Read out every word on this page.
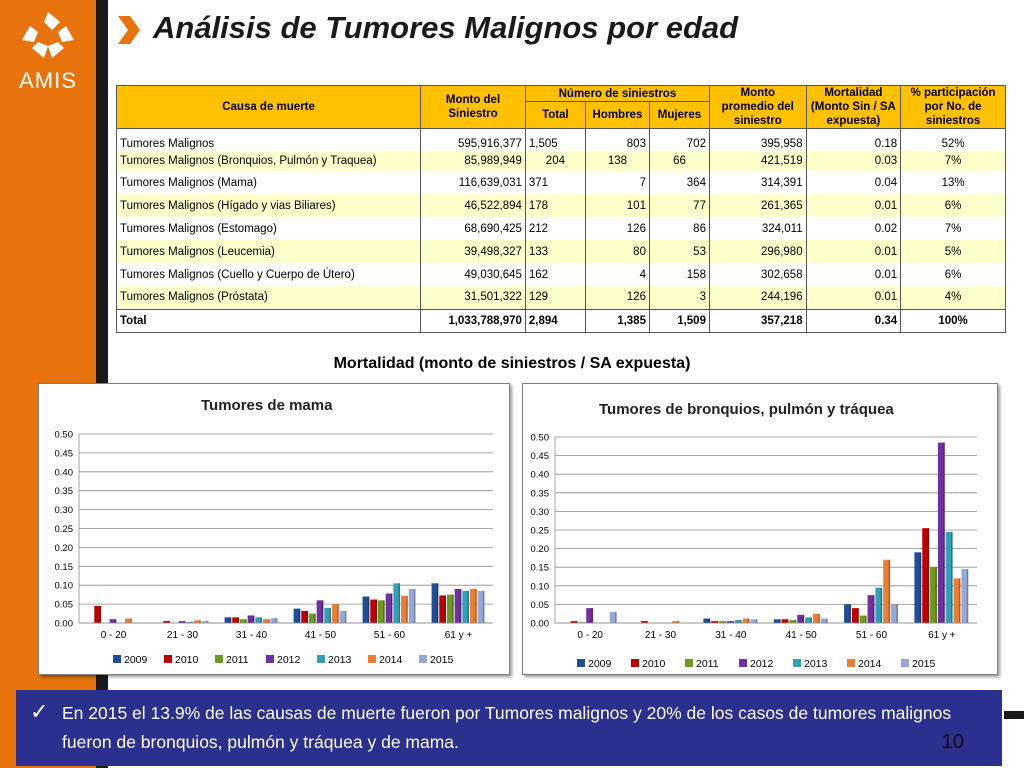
AMIS
Análisis de Tumores Malignos por edad
Causa de muerte	Monto del Siniestro	Número de siniestros			Monto promedio del siniestro	Mortalidad (Monto Sin / SA expuesta)	% participación por No. de siniestros
		Total	Hombres	Mujeres			
Tumores Malignos	595,916,377	1,505	803	702	395,958	0.18	52%
Tumores Malignos (Bronquios, Pulmón y Traquea)	85,989,949	204	138	66	421,519	0.03	7%
Tumores Malignos (Mama)	116,639,031	371	7	364	314,391	0.04	13%
Tumores Malignos (Hígado y vias Biliares)	46,522,894	178	101	77	261,365	0.01	6%
Tumores Malignos (Estomago)	68,690,425	212	126	86	324,011	0.02	7%
Tumores Malignos (Leucemia)	39,498,327	133	80	53	296,980	0.01	5%
Tumores Malignos (Cuello y Cuerpo de Útero)	49,030,645	162	4	158	302,658	0.01	6%
Tumores Malignos (Próstata)	31,501,322	129	126	3	244,196	0.01	4%
Total	1,033,788,970	2,894	1,385	1,509	357,218	0.34	100%
Mortalidad (monto de siniestros / SA expuesta)
Tumores de mama
0.00
0.05
0.10
0.15
0.20
0.25
0.30
0.35
0.40
0.45
0.50
0 - 20	21 - 30	31 - 40	41 - 50	51 - 60	61 y +
2009	2010	2011	2012	2013	2014	2015
Tumores de bronquios, pulmón y tráquea
0.00
0.05
0.10
0.15
0.20
0.25
0.30
0.35
0.40
0.45
0.50
0 - 20	21 - 30	31 - 40	41 - 50	51 - 60	61 y +
2009	2010	2011	2012	2013	2014	2015
✓ En 2015 el 13.9% de las causas de muerte fueron por Tumores malignos y 20% de los casos de tumores malignos fueron de bronquios, pulmón y tráquea y de mama.	10
